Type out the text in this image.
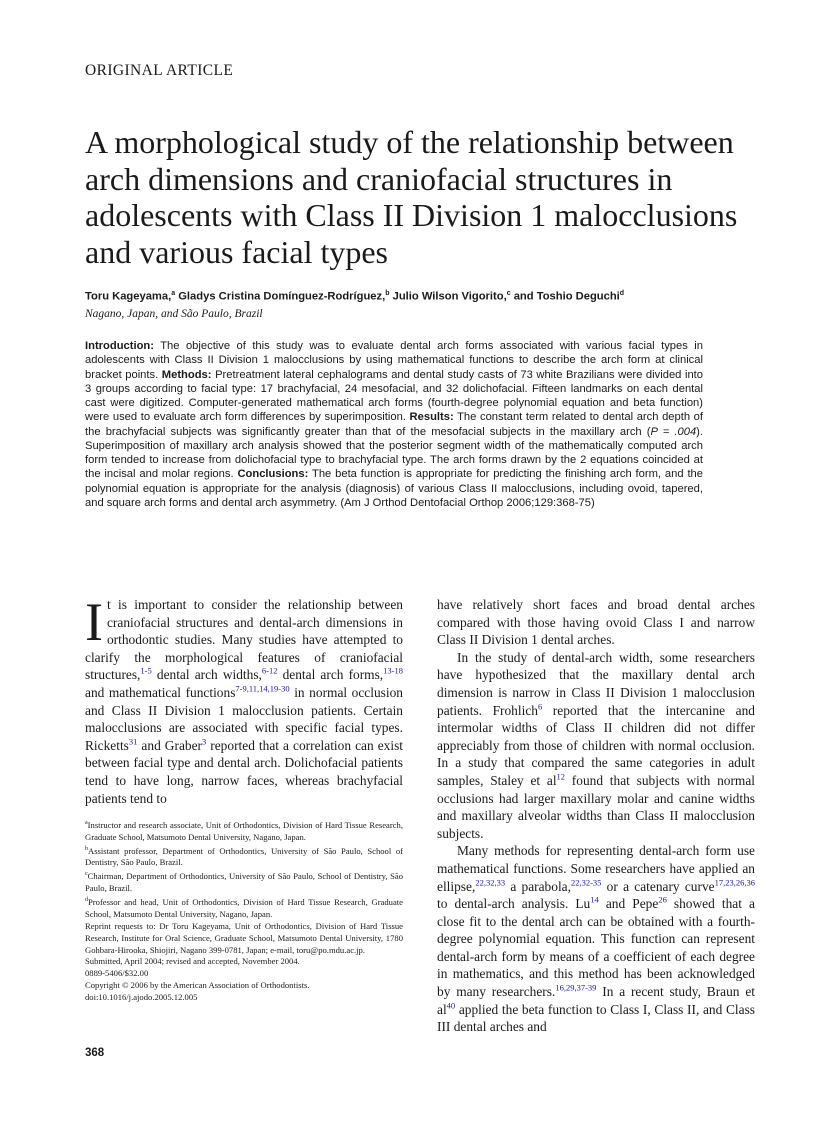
ORIGINAL ARTICLE
A morphological study of the relationship between arch dimensions and craniofacial structures in adolescents with Class II Division 1 malocclusions and various facial types
Toru Kageyama,$^a$ Gladys Cristina Domínguez-Rodríguez,$^b$ Julio Wilson Vigorito,$^c$ and Toshio Deguchi$^d$
Nagano, Japan, and São Paulo, Brazil
Introduction: The objective of this study was to evaluate dental arch forms associated with various facial types in adolescents with Class II Division 1 malocclusions by using mathematical functions to describe the arch form at clinical bracket points. Methods: Pretreatment lateral cephalograms and dental study casts of 73 white Brazilians were divided into 3 groups according to facial type: 17 brachyfacial, 24 mesofacial, and 32 dolichofacial. Fifteen landmarks on each dental cast were digitized. Computer-generated mathematical arch forms (fourth-degree polynomial equation and beta function) were used to evaluate arch form differences by superimposition. Results: The constant term related to dental arch depth of the brachyfacial subjects was significantly greater than that of the mesofacial subjects in the maxillary arch (P = .004). Superimposition of maxillary arch analysis showed that the posterior segment width of the mathematically computed arch form tended to increase from dolichofacial type to brachyfacial type. The arch forms drawn by the 2 equations coincided at the incisal and molar regions. Conclusions: The beta function is appropriate for predicting the finishing arch form, and the polynomial equation is appropriate for the analysis (diagnosis) of various Class II malocclusions, including ovoid, tapered, and square arch forms and dental arch asymmetry. (Am J Orthod Dentofacial Orthop 2006;129:368-75)

It is important to consider the relationship between craniofacial structures and dental-arch dimensions in orthodontic studies. Many studies have attempted to clarify the morphological features of craniofacial structures,$^{1-5}$ dental arch widths,$^{6-12}$ dental arch forms,$^{13-18}$ and mathematical functions$^{7-9,11,14,19-30}$ in normal occlusion and Class II Division 1 malocclusion patients. Certain malocclusions are associated with specific facial types. Ricketts$^{31}$ and Graber$^3$ reported that a correlation can exist between facial type and dental arch. Dolichofacial patients tend to have long, narrow faces, whereas brachyfacial patients tend to

$^a$Instructor and research associate, Unit of Orthodontics, Division of Hard Tissue Research, Graduate School, Matsumoto Dental University, Nagano, Japan.

$^b$Assistant professor, Department of Orthodontics, University of São Paulo, School of Dentistry, São Paulo, Brazil.

$^c$Chairman, Department of Orthodontics, University of São Paulo, School of Dentistry, São Paulo, Brazil.

$^d$Professor and head, Unit of Orthodontics, Division of Hard Tissue Research, Graduate School, Matsumoto Dental University, Nagano, Japan.

Reprint requests to: Dr Toru Kageyama, Unit of Orthodontics, Division of Hard Tissue Research, Institute for Oral Science, Graduate School, Matsumoto Dental University, 1780 Gohbara-Hirooka, Shiojiri, Nagano 399-0781, Japan; e-mail, toru@po.mdu.ac.jp.

Submitted, April 2004; revised and accepted, November 2004.

0889-5406/$32.00

Copyright © 2006 by the American Association of Orthodontists.

doi:10.1016/j.ajodo.2005.12.005

have relatively short faces and broad dental arches compared with those having ovoid Class I and narrow Class II Division 1 dental arches.

In the study of dental-arch width, some researchers have hypothesized that the maxillary dental arch dimension is narrow in Class II Division 1 malocclusion patients. Frohlich$^6$ reported that the intercanine and intermolar widths of Class II children did not differ appreciably from those of children with normal occlusion. In a study that compared the same categories in adult samples, Staley et $al^{12}$ found that subjects with normal occlusions had larger maxillary molar and canine widths and maxillary alveolar widths than Class II malocclusion subjects.

Many methods for representing dental-arch form use mathematical functions. Some researchers have applied an ellipse,$^{22,32,33}$ a parabola,$^{22,32-35}$ or a catenary curve$^{17,23,26,36}$ to dental-arch analysis. Lu$^{14}$ and Pepe$^{26}$ showed that a close fit to the dental arch can be obtained with a fourth-degree polynomial equation. This function can represent dental-arch form by means of a coefficient of each degree in mathematics, and this method has been acknowledged by many researchers.$^{16,29,37-39}$ In a recent study, Braun et $al^{40}$ applied the beta function to Class I, Class II, and Class III dental arches and

368
